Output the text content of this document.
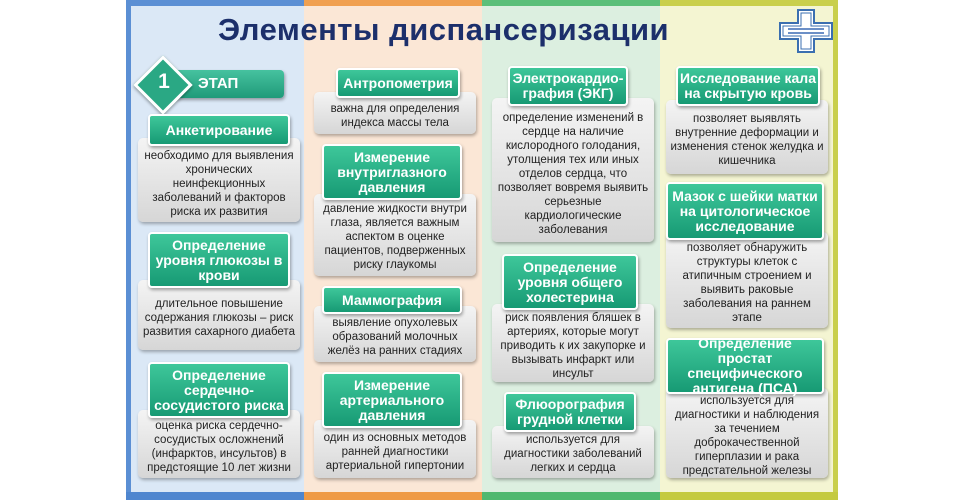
Элементы диспансеризации
ЭТАП
1
Анкетирование
необходимо для выявления хронических неинфекционных заболеваний и факторов риска их развития
Определение уровня глюкозы в крови
длительное повышение содержания глюкозы – риск развития сахарного диабета
Определение сердечно-сосудистого риска
оценка риска сердечно-сосудистых осложнений (инфарктов, инсультов) в предстоящие 10 лет жизни
Антропометрия
важна для определения индекса массы тела
Измерение внутриглазного давления
давление жидкости внутри глаза, является важным аспектом в оценке пациентов, подверженных риску глаукомы
Маммография
выявление опухолевых образований молочных желёз на ранних стадиях
Измерение артериального давления
один из основных методов ранней диагностики артериальной гипертонии
Электрокардио-графия (ЭКГ)
определение изменений в сердце на наличие кислородного голодания, утолщения тех или иных отделов сердца, что позволяет вовремя выявить серьезные кардиологические заболевания
Определение уровня общего холестерина
риск появления бляшек в артериях, которые могут приводить к их закупорке и вызывать инфаркт или инсульт
Флюорография грудной клетки
используется для диагностики заболеваний легких и сердца
Исследование кала на скрытую кровь
позволяет выявлять внутренние деформации и изменения стенок желудка и кишечника
Мазок с шейки матки на цитологическое исследование
позволяет обнаружить структуры клеток с атипичным строением и выявить раковые заболевания на раннем этапе
Определение простат специфического антигена (ПСА)
используется для диагностики и наблюдения за течением доброкачественной гиперплазии и рака предстательной железы
